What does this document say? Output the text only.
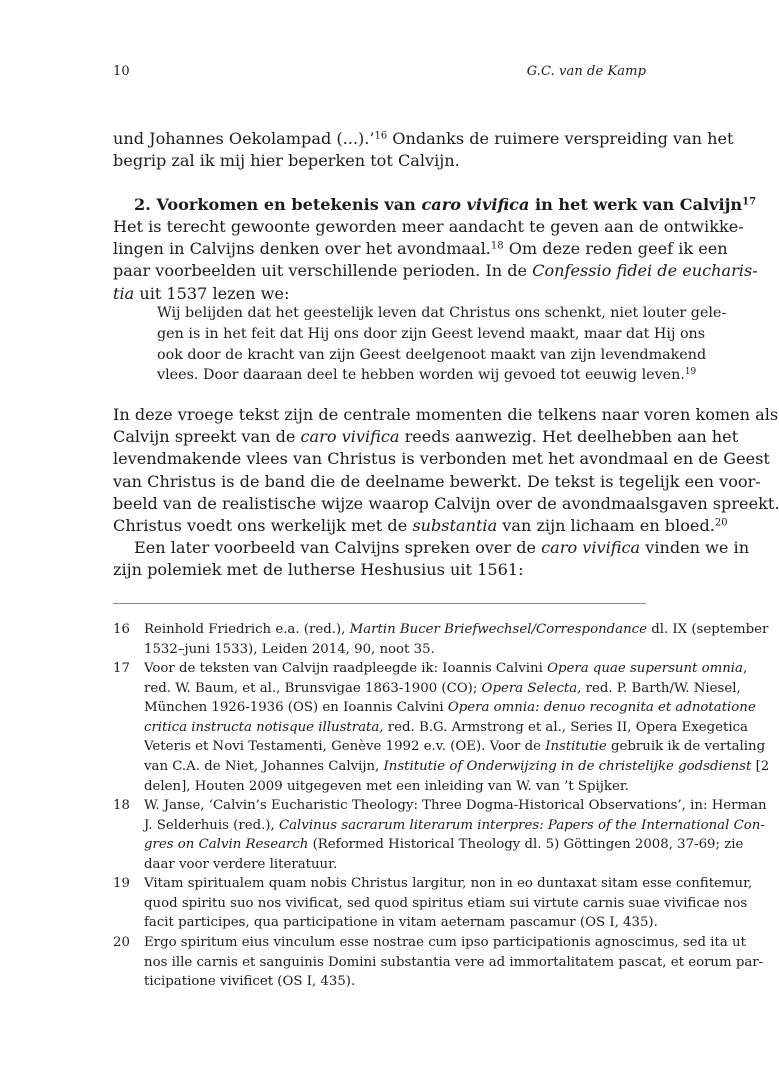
10	G.C. van de Kamp
und Johannes Oekolampad (...).’$^{16}$ Ondanks de ruimere verspreiding van het
begrip zal ik mij hier beperken tot Calvijn.
2. Voorkomen en betekenis van caro vivifica in het werk van Calvijn$^{17}$
Het is terecht gewoonte geworden meer aandacht te geven aan de ontwikke-
lingen in Calvijns denken over het avondmaal.$^{18}$ Om deze reden geef ik een
paar voorbeelden uit verschillende perioden. In de Confessio fidei de eucharis-
tia uit 1537 lezen we:
Wij belijden dat het geestelijk leven dat Christus ons schenkt, niet louter gele-
gen is in het feit dat Hij ons door zijn Geest levend maakt, maar dat Hij ons
ook door de kracht van zijn Geest deelgenoot maakt van zijn levendmakend
vlees. Door daaraan deel te hebben worden wij gevoed tot eeuwig leven.$^{19}$
In deze vroege tekst zijn de centrale momenten die telkens naar voren komen als
Calvijn spreekt van de caro vivifica reeds aanwezig. Het deelhebben aan het
levendmakende vlees van Christus is verbonden met het avondmaal en de Geest
van Christus is de band die de deelname bewerkt. De tekst is tegelijk een voor-
beeld van de realistische wijze waarop Calvijn over de avondmaalsgaven spreekt.
Christus voedt ons werkelijk met de substantia van zijn lichaam en bloed.$^{20}$
Een later voorbeeld van Calvijns spreken over de caro vivifica vinden we in
zijn polemiek met de lutherse Heshusius uit 1561:
16 Reinhold Friedrich e.a. (red.), Martin Bucer Briefwechsel/Correspondance dl. IX (september
1532–juni 1533), Leiden 2014, 90, noot 35.
17 Voor de teksten van Calvijn raadpleegde ik: Ioannis Calvini Opera quae supersunt omnia,
red. W. Baum, et al., Brunsvigae 1863-1900 (CO); Opera Selecta, red. P. Barth/W. Niesel,
München 1926-1936 (OS) en Ioannis Calvini Opera omnia: denuo recognita et adnotatione
critica instructa notisque illustrata, red. B.G. Armstrong et al., Series II, Opera Exegetica
Veteris et Novi Testamenti, Genève 1992 e.v. (OE). Voor de Institutie gebruik ik de vertaling
van C.A. de Niet, Johannes Calvijn, Institutie of Onderwijzing in de christelijke godsdienst [2
delen], Houten 2009 uitgegeven met een inleiding van W. van ’t Spijker.
18 W. Janse, ‘Calvin’s Eucharistic Theology: Three Dogma-Historical Observations’, in: Herman
J. Selderhuis (red.), Calvinus sacrarum literarum interpres: Papers of the International Con-
gres on Calvin Research (Reformed Historical Theology dl. 5) Göttingen 2008, 37-69; zie
daar voor verdere literatuur.
19 Vitam spiritualem quam nobis Christus largitur, non in eo duntaxat sitam esse confitemur,
quod spiritu suo nos vivificat, sed quod spiritus etiam sui virtute carnis suae vivificae nos
facit participes, qua participatione in vitam aeternam pascamur (OS I, 435).
20 Ergo spiritum eius vinculum esse nostrae cum ipso participationis agnoscimus, sed ita ut
nos ille carnis et sanguinis Domini substantia vere ad immortalitatem pascat, et eorum par-
ticipatione vivificet (OS I, 435).
